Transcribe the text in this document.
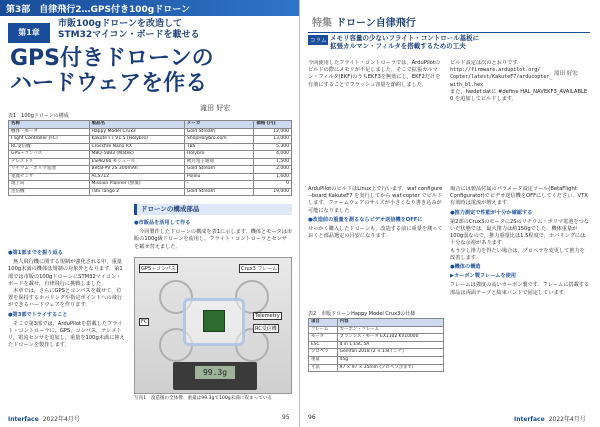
第3部　自律飛行2…GPS付き100gドローン
第1章
市販100gドローンを改造して
STM32マイコン・ボードを載せる
GPS付きドローンの
ハードウェアを作る
滝田 好宏
表1　100gドローンの構成
名称	製品名	メーカ	価格 [円]
機体・モータ	Happy Model Crux3	Gold Stream	12,000
Flight Controller (FC)	Kakute F7 V1.5 (Holybro)	ShopHolybro.com	13,000
RC受信機	Crossfire Nano RX	TBS	5,300
GPS＋コンパス	M8Q-5883 (Matek)	Holybro	4,000
テレメトリ	ESP8266 モジュール	秋月電子通商	1,500
リチウム・ポリマ電池	BetaFPV 2S 300mAh	Gold Stream	2,000
電流センサ	ACS712	Pololu	1,600
地上局	Mission Planner (無償)	-	0
送信機	TBS Tango 2	Gold Stream	19,000

●第1部までを振り返る

無人飛行機に関する規制が強化される中，重量100g未満の機体は規制の対象外となります．第1部では市販の100gドローンにSTM32マイコン・ボードを載せ，自律飛行に挑戦しました．

本章では，さらにGPSとコンパスを載せて，位置を保持するホバリングや指定ポイントへの飛行ができるハードウェアを作ります．

●第3部でトライすること

そこで第3部では，ArduPilotを搭載したフライト・コントローラに，GPS，コンパス，テレメトリ，電流センサを追加し，重量を100g未満に抑えたドローンを製作します．

ドローンの構成部品

●市販品を活用して作る

今回製作したドローンの構成を表1に示します．機体とモータは市販の100g級ドローンを流用し，フライト・コントローラとセンサを載せ替えました．

99.3g
GPS＋コンパス	Crux3 フレーム
Telemetry
RC受信機
FC
写真1　改造後の全体像．重量は99.3gで100g未満に収まっている
Interface 2022年4月号	95
特集 ドローン自律飛行
コラム メモリ容量の少ないフライト・コントロール基板に
拡張カルマン・フィルタを搭載するための工夫
滝田 好宏

今回使用したフライト・コントローラでは，ArduPilotのビルドの際にメモリが不足しました．そこで拡張カルマン・フィルタ(EKF)のうちEKF3を無効にし，EKF2だけを有効にすることでフラッシュ容量を節約しました．

ビルド設定は次のとおりです．

http://firmware.ardupilot.org/

Copter/latest/KakuteF7/arducopter_

with_bl.hex

また，hwdef.datに #define HAL_NAVEKF3_AVAILABLE 0 を追加してビルドします．

ArduPilotのビルドはLinux上で行います．waf configure --board KakuteF7 を実行してから waf copter でビルドします．ファームウェアのサイズが小さくなり書き込みが可能になりました．

●改造前の重量を測るならビデオ送信機をOFFに

せっかく購入したドローンも，改造する前に重量を測っておくと部品選定の目安になります．

表2　市販ドローンHappy Model Crux3の仕様
項目	内容
フレーム	カーボン・フレーム
モータ	ブラシレス・モータ EX1102 KV10000
ESC	4 in 1 ESC 5A
プロペラ	Gemfan 2018 (2 × 1.8インチ)
重量	45g
寸法	97 × 97 × 35mm (プロペラ含まず)

場合には製品付属のパラメータ設定ツール(BetaFlight Configurator)でビデオ送信機をOFFにしてください．VTX有効時は電流が増えます．

●推力測定で性能が十分か確認する

第2部のCrux3のモータに2Sのリチウム・ポリマ電池をつないだ状態では，最大推力は約150gでした．機体重量が100g弱なので，推力重量比は1.5程度で，ホバリングには十分な余裕があります．

もう少し推力を得たい場合は，プロペラを変更して推力を改善します．

●機体の構造

▶カーボン製フレームを使用

フレームは強度の高いカーボン製です．フレームに搭載する部品は両面テープと結束バンドで固定しています．

96	Interface 2022年4月号
